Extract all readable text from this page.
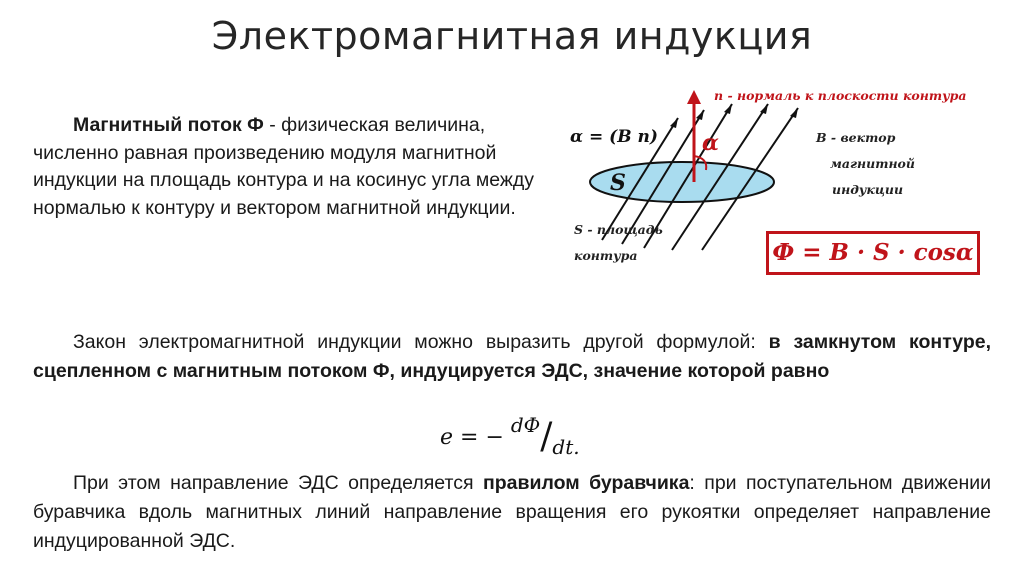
Электромагнитная индукция
Магнитный поток Ф - физическая величина, численно равная произведению модуля магнитной индукции на площадь контура и на косинус угла между нормалью к контуру и вектором магнитной индукции.
α
S
n - нормаль к плоскости контура
α = (B n)	B - вектор
магнитной
индукции
S - площадь
контура	Ф = B · S · cosα
Закон электромагнитной индукции можно выразить другой формулой: в замкнутом контуре, сцепленном с магнитным потоком Ф, индуцируется ЭДС, значение которой равно
e = − dФ/dt.
При этом направление ЭДС определяется правилом буравчика: при поступательном движении буравчика вдоль магнитных линий направление вращения его рукоятки определяет направление индуцированной ЭДС.
